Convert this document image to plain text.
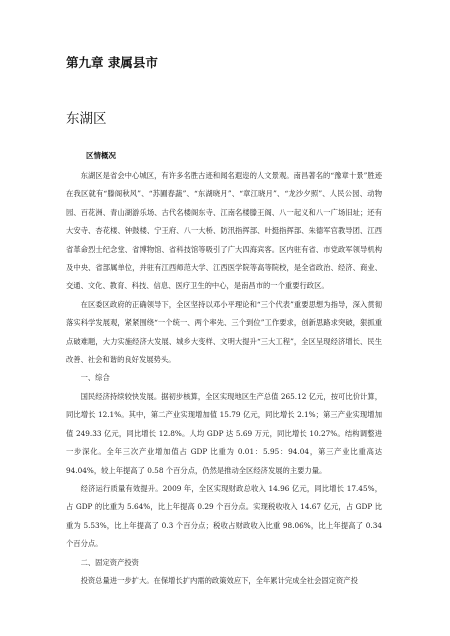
第九章 隶属县市
东湖区
区情概况

东湖区是省会中心城区，有许多名胜古迹和闻名遐迩的人文景观。南昌著名的“豫章十景”胜迹在我区就有“滕阁秋风”、“苏圃春蔬”、“东湖晓月”、“章江晓月”、“龙沙夕照”、人民公园、动物园、百花洲、青山湖游乐场、古代名楼阁东寺、江南名楼滕王阁、八一起义和八一广场旧址；还有大安寺、杏花楼、钟鼓楼、宁王府、八一大桥、防汛指挥部、叶挺指挥部、朱德军官教导团、江西省革命烈士纪念堂、省博物馆、省科技馆等吸引了广大四海宾客。区内驻有省、市党政军领导机构及中央、省部属单位，并驻有江西师范大学、江西医学院等高等院校，是全省政治、经济、商业、交通、文化、教育、科技、信息、医疗卫生的中心，是南昌市的一个重要行政区。

在区委区政府的正确领导下，全区坚持以邓小平理论和“三个代表”重要思想为指导，深入贯彻落实科学发展观，紧紧围绕“一个统一、两个率先、三个到位”工作要求，创新思路求突破，狠抓重点破难题，大力实施经济大发展、城乡大变样、文明大提升“三大工程”，全区呈现经济增长、民生改善、社会和谐的良好发展势头。

一、综合

国民经济持续较快发展。据初步核算，全区实现地区生产总值 265.12 亿元，按可比价计算，同比增长 12.1%。其中，第二产业实现增加值 15.79 亿元，同比增长 2.1%；第三产业实现增加值 249.33 亿元，同比增长 12.8%。人均 GDP 达 5.69 万元，同比增长 10.27%。结构调整进一步深化。全年三次产业增加值占 GDP 比重为 0.01：5.95：94.04，第三产业比重高达 94.04%，较上年提高了 0.58 个百分点，仍然是推动全区经济发展的主要力量。

经济运行质量有效提升。2009 年，全区实现财政总收入 14.96 亿元，同比增长 17.45%，占 GDP 的比重为 5.64%，比上年提高 0.29 个百分点。实现税收收入 14.67 亿元，占 GDP 比重为 5.53%，比上年提高了 0.3 个百分点；税收占财政收入比重 98.06%，比上年提高了 0.34 个百分点。

二、固定资产投资

投资总量进一步扩大。在保增长扩内需的政策效应下，全年累计完成全社会固定资产投
